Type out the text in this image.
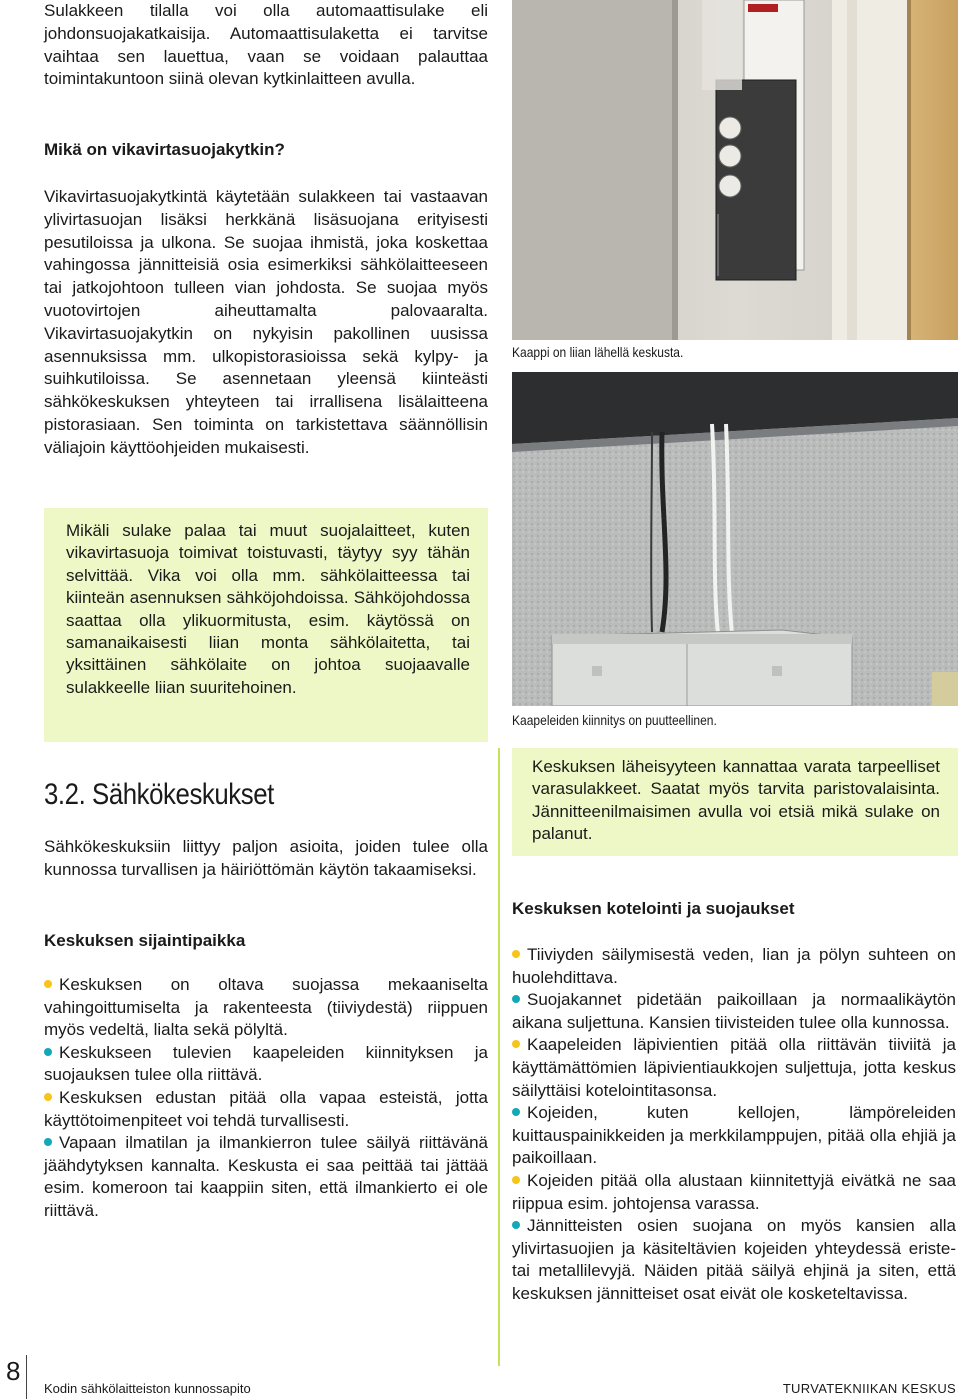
Sulakkeen tilalla voi olla automaattisulake eli johdonsuojakatkaisija. Automaattisulaketta ei tarvitse vaihtaa sen lauettua, vaan se voidaan palauttaa toimintakuntoon siinä olevan kytkinlaitteen avulla.

Mikä on vikavirtasuojakytkin?

Vikavirtasuojakytkintä käytetään sulakkeen tai vastaavan ylivirtasuojan lisäksi herkkänä lisäsuojana erityisesti pesutiloissa ja ulkona. Se suojaa ihmistä, joka koskettaa vahingossa jännitteisiä osia esimerkiksi sähkölaitteeseen tai jatkojohtoon tulleen vian johdosta. Se suojaa myös vuotovirtojen aiheuttamalta palovaaralta. Vikavirtasuojakytkin on nykyisin pakollinen uusissa asennuksissa mm. ulkopistorasioissa sekä kylpy- ja suihkutiloissa. Se asennetaan yleensä kiinteästi sähkökeskuksen yhteyteen tai irrallisena lisälaitteena pistorasiaan. Sen toiminta on tarkistettava säännöllisin väliajoin käyttöohjeiden mukaisesti.

Mikäli sulake palaa tai muut suojalaitteet, kuten vikavirtasuoja toimivat toistuvasti, täytyy syy tähän selvittää. Vika voi olla mm. sähkölaitteessa tai kiinteän asennuksen sähköjohdoissa. Sähköjohdossa saattaa olla ylikuormitusta, esim. käytössä on samanaikaisesti liian monta sähkölaitetta, tai yksittäinen sähkölaite on johtoa suojaavalle sulakkeelle liian suuritehoinen.

3.2. Sähkökeskukset

Sähkökeskuksiin liittyy paljon asioita, joiden tulee olla kunnossa turvallisen ja häiriöttömän käytön takaamiseksi.

Keskuksen sijaintipaikka

Keskuksen on oltava suojassa mekaaniselta vahingoittumiselta ja rakenteesta (tiiviydestä) riippuen myös vedeltä, lialta sekä pölyltä.
Keskukseen tulevien kaapeleiden kiinnityksen ja suojauksen tulee olla riittävä.
Keskuksen edustan pitää olla vapaa esteistä, jotta käyttötoimenpiteet voi tehdä turvallisesti.
Vapaan ilmatilan ja ilmankierron tulee säilyä riittävänä jäähdytyksen kannalta. Keskusta ei saa peittää tai jättää esim. komeroon tai kaappiin siten, että ilmankierto ei ole riittävä.
Kaappi on liian lähellä keskusta.
Kaapeleiden kiinnitys on puutteellinen.

Keskuksen läheisyyteen kannattaa varata tarpeelliset varasulakkeet. Saatat myös tarvita paristovalaisinta. Jännitteenilmaisimen avulla voi etsiä mikä sulake on palanut.

Keskuksen kotelointi ja suojaukset

Tiiviyden säilymisestä veden, lian ja pölyn suhteen on huolehdittava.
Suojakannet pidetään paikoillaan ja normaalikäytön aikana suljettuna. Kansien tiivisteiden tulee olla kunnossa.
Kaapeleiden läpivientien pitää olla riittävän tiiviitä ja käyttämättömien läpivientiaukkojen suljettuja, jotta keskus säilyttäisi kotelointitasonsa.
Kojeiden, kuten kellojen, lämpöreleiden kuittauspainikkeiden ja merkkilamppujen, pitää olla ehjiä ja paikoillaan.
Kojeiden pitää olla alustaan kiinnitettyjä eivätkä ne saa riippua esim. johtojensa varassa.
Jännitteisten osien suojana on myös kansien alla ylivirtasuojien ja käsiteltävien kojeiden yhteydessä eriste- tai metallilevyjä. Näiden pitää säilyä ehjinä ja siten, että keskuksen jännitteiset osat eivät ole kosketeltavissa.
8
Kodin sähkölaitteiston kunnossapito	TURVATEKNIIKAN KESKUS
